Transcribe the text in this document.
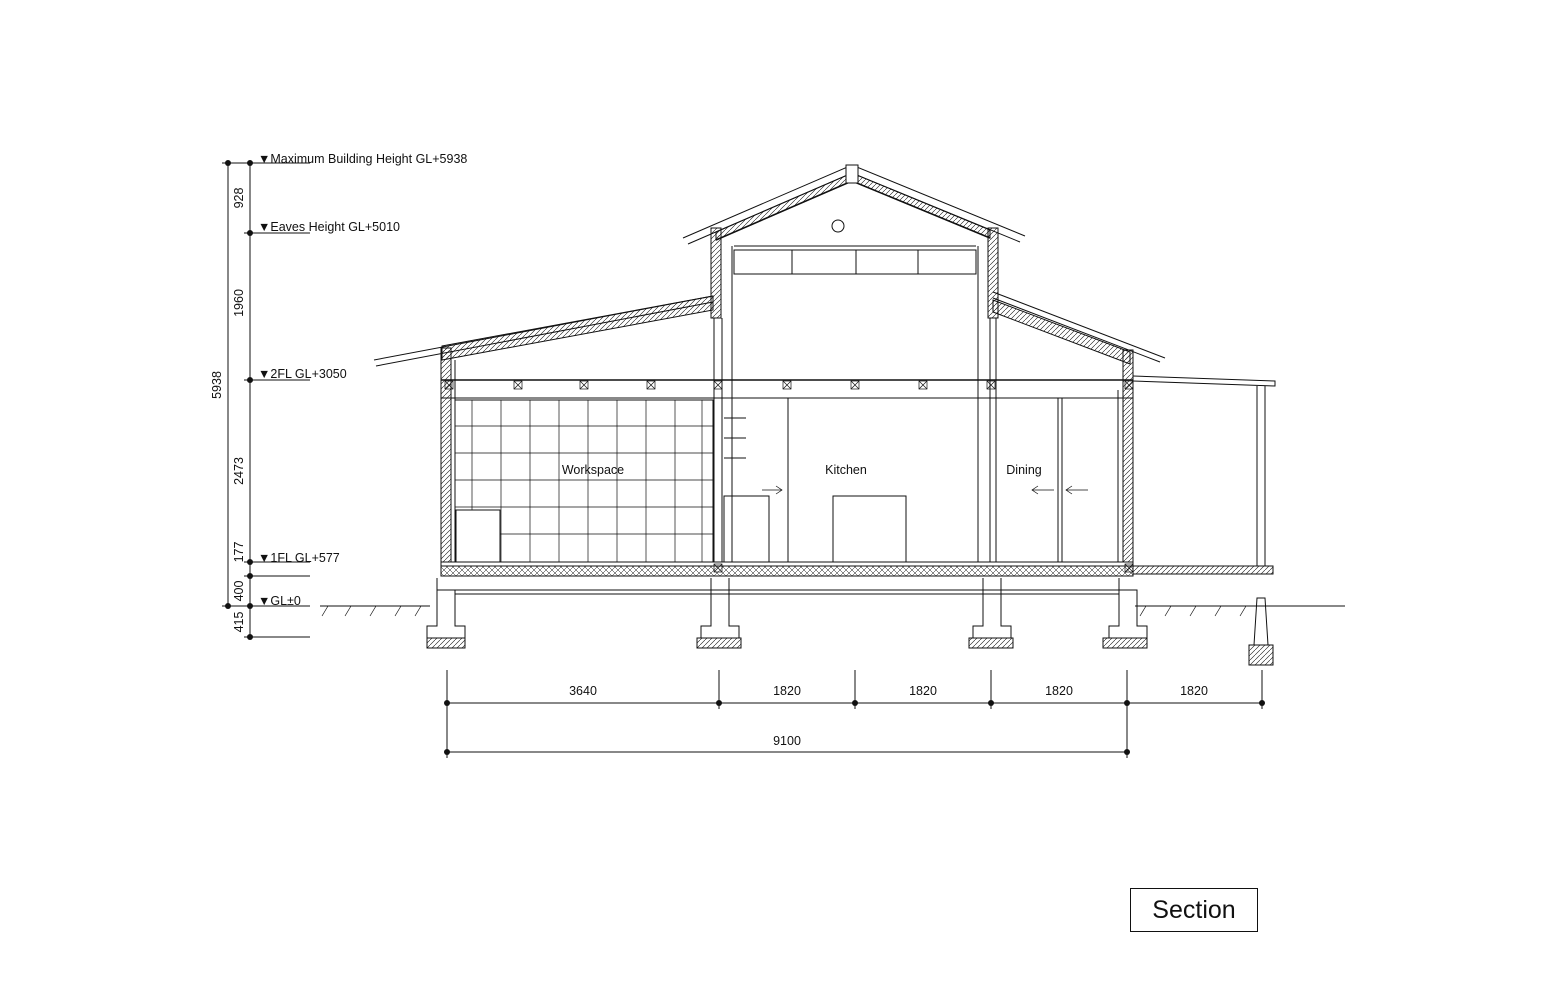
▼Maximum Building Height GL+5938
▼Eaves Height GL+5010
▼2FL GL+3050
▼1FL GL+577
▼GL±0
5938
928
1960
2473
177
400
415
Workspace	Kitchen	Dining
3640	1820	1820	1820	1820
9100
Section
